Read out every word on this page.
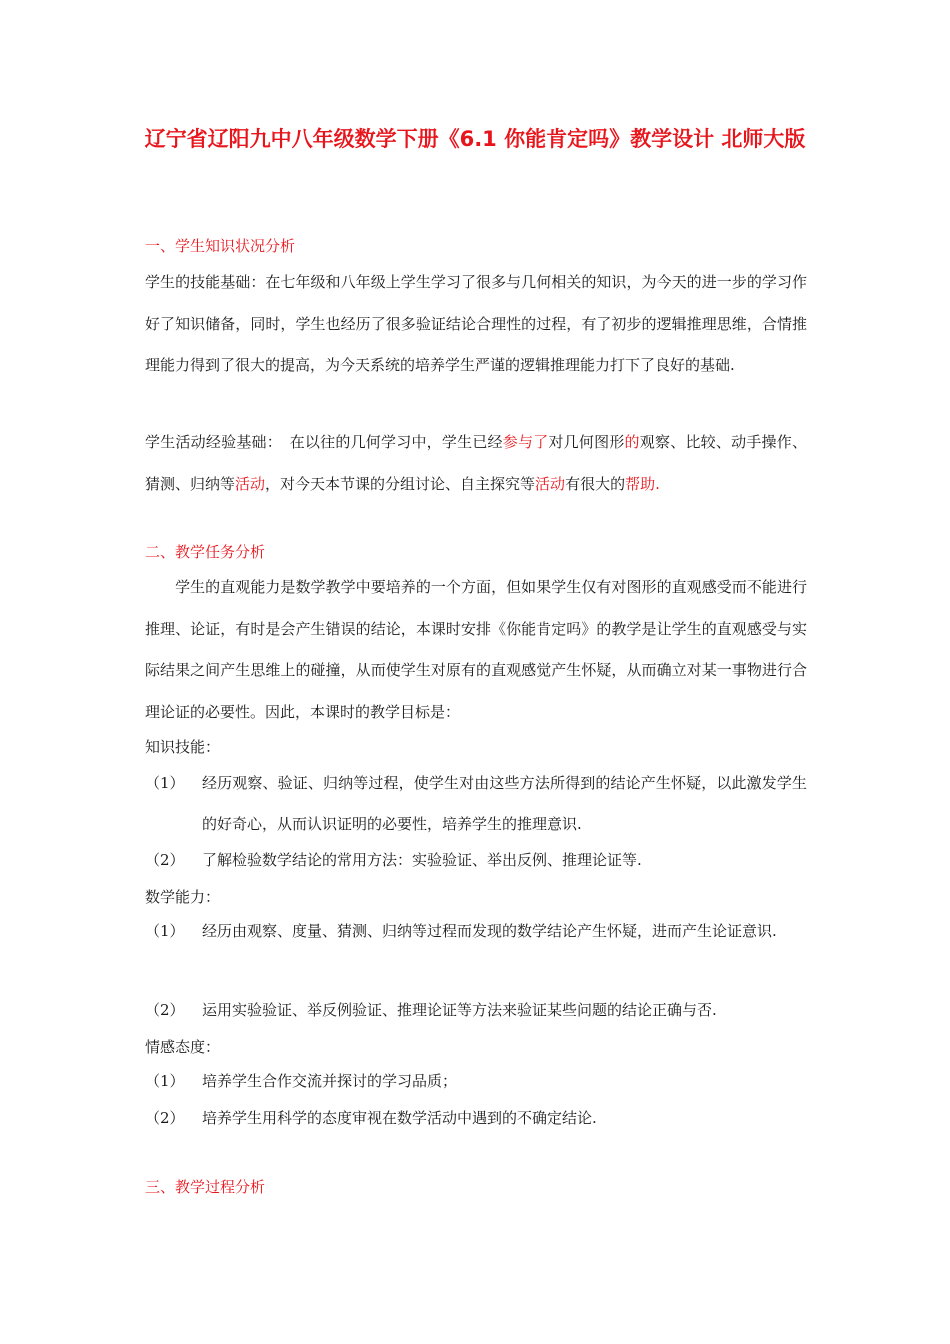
辽宁省辽阳九中八年级数学下册《6.1 你能肯定吗》教学设计 北师大版
一、学生知识状况分析

学生的技能基础：在七年级和八年级上学生学习了很多与几何相关的知识，为今天的进一步的学习作好了知识储备，同时，学生也经历了很多验证结论合理性的过程，有了初步的逻辑推理思维，合情推理能力得到了很大的提高，为今天系统的培养学生严谨的逻辑推理能力打下了良好的基础.

学生活动经验基础：　在以往的几何学习中，学生已经参与了对几何图形的观察、比较、动手操作、猜测、归纳等活动，对今天本节课的分组讨论、自主探究等活动有很大的帮助.

二、教学任务分析

　　学生的直观能力是数学教学中要培养的一个方面，但如果学生仅有对图形的直观感受而不能进行推理、论证，有时是会产生错误的结论，本课时安排《你能肯定吗》的教学是让学生的直观感受与实际结果之间产生思维上的碰撞，从而使学生对原有的直观感觉产生怀疑，从而确立对某一事物进行合理论证的必要性。因此，本课时的教学目标是：

知识技能：
（1） 经历观察、验证、归纳等过程，使学生对由这些方法所得到的结论产生怀疑，以此激发学生的好奇心，从而认识证明的必要性，培养学生的推理意识.
（2） 了解检验数学结论的常用方法：实验验证、举出反例、推理论证等.
数学能力：
（1） 经历由观察、度量、猜测、归纳等过程而发现的数学结论产生怀疑，进而产生论证意识.
（2） 运用实验验证、举反例验证、推理论证等方法来验证某些问题的结论正确与否.
情感态度：
（1） 培养学生合作交流并探讨的学习品质；
（2） 培养学生用科学的态度审视在数学活动中遇到的不确定结论.
三、教学过程分析
